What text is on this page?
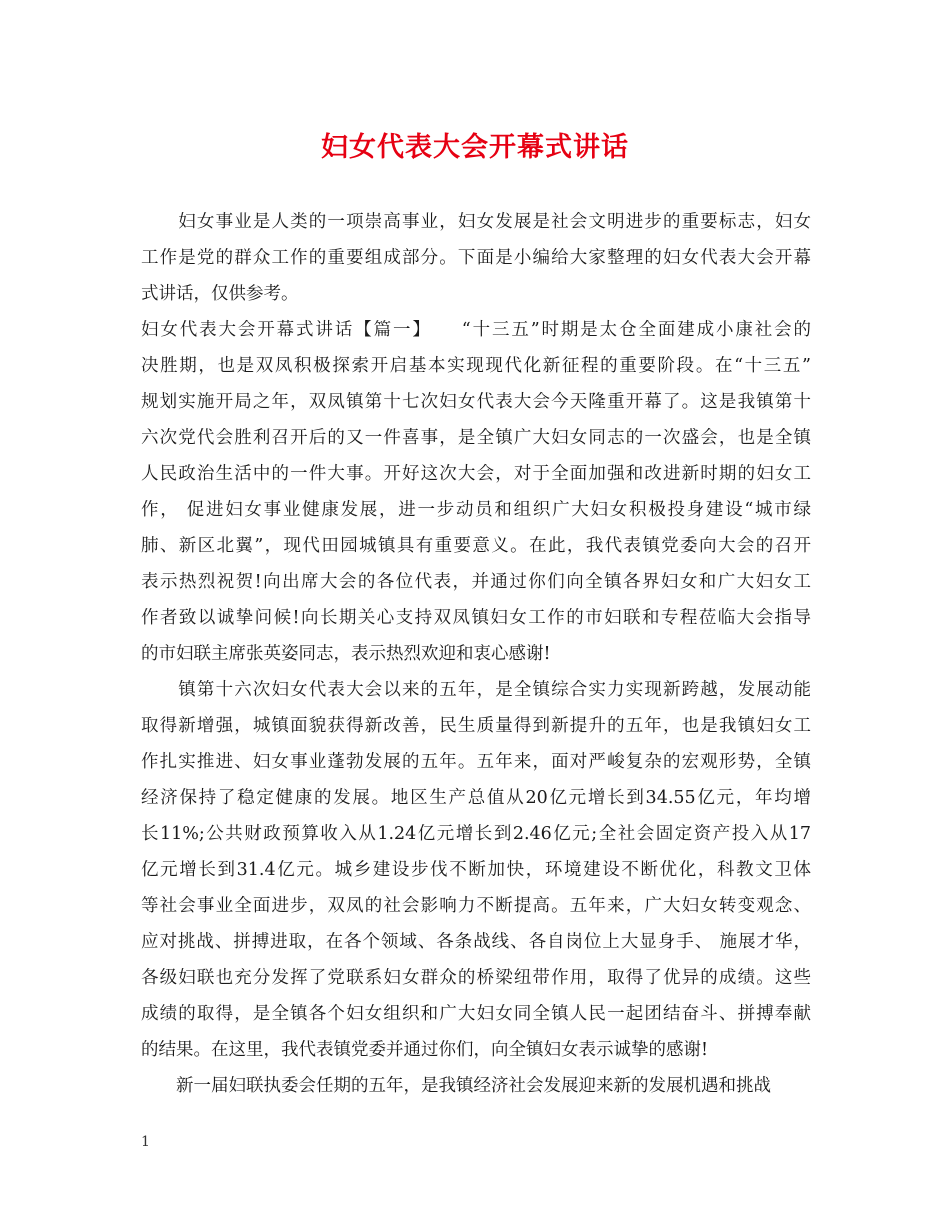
妇女代表大会开幕式讲话
　　妇女事业是人类的一项崇高事业，妇女发展是社会文明进步的重要标志，妇女
工作是党的群众工作的重要组成部分。下面是小编给大家整理的妇女代表大会开幕
式讲话，仅供参考。
妇女代表大会开幕式讲话【篇一】　　“十三五”时期是太仓全面建成小康社会的
决胜期，也是双凤积极探索开启基本实现现代化新征程的重要阶段。在“十三五”
规划实施开局之年，双凤镇第十七次妇女代表大会今天隆重开幕了。这是我镇第十
六次党代会胜利召开后的又一件喜事，是全镇广大妇女同志的一次盛会，也是全镇
人民政治生活中的一件大事。开好这次大会，对于全面加强和改进新时期的妇女工
作， 促进妇女事业健康发展，进一步动员和组织广大妇女积极投身建设“城市绿
肺、新区北翼”，现代田园城镇具有重要意义。在此，我代表镇党委向大会的召开
表示热烈祝贺!向出席大会的各位代表，并通过你们向全镇各界妇女和广大妇女工
作者致以诚挚问候!向长期关心支持双凤镇妇女工作的市妇联和专程莅临大会指导
的市妇联主席张英姿同志，表示热烈欢迎和衷心感谢!
　　镇第十六次妇女代表大会以来的五年，是全镇综合实力实现新跨越，发展动能
取得新增强，城镇面貌获得新改善，民生质量得到新提升的五年，也是我镇妇女工
作扎实推进、妇女事业蓬勃发展的五年。五年来，面对严峻复杂的宏观形势，全镇
经济保持了稳定健康的发展。地区生产总值从20亿元增长到34.55亿元，年均增
长11%;公共财政预算收入从1.24亿元增长到2.46亿元;全社会固定资产投入从17
亿元增长到31.4亿元。城乡建设步伐不断加快，环境建设不断优化，科教文卫体
等社会事业全面进步，双凤的社会影响力不断提高。五年来，广大妇女转变观念、
应对挑战、拼搏进取，在各个领域、各条战线、各自岗位上大显身手、 施展才华，
各级妇联也充分发挥了党联系妇女群众的桥梁纽带作用，取得了优异的成绩。这些
成绩的取得，是全镇各个妇女组织和广大妇女同全镇人民一起团结奋斗、拼搏奉献
的结果。在这里，我代表镇党委并通过你们，向全镇妇女表示诚挚的感谢!
　　新一届妇联执委会任期的五年，是我镇经济社会发展迎来新的发展机遇和挑战
1
